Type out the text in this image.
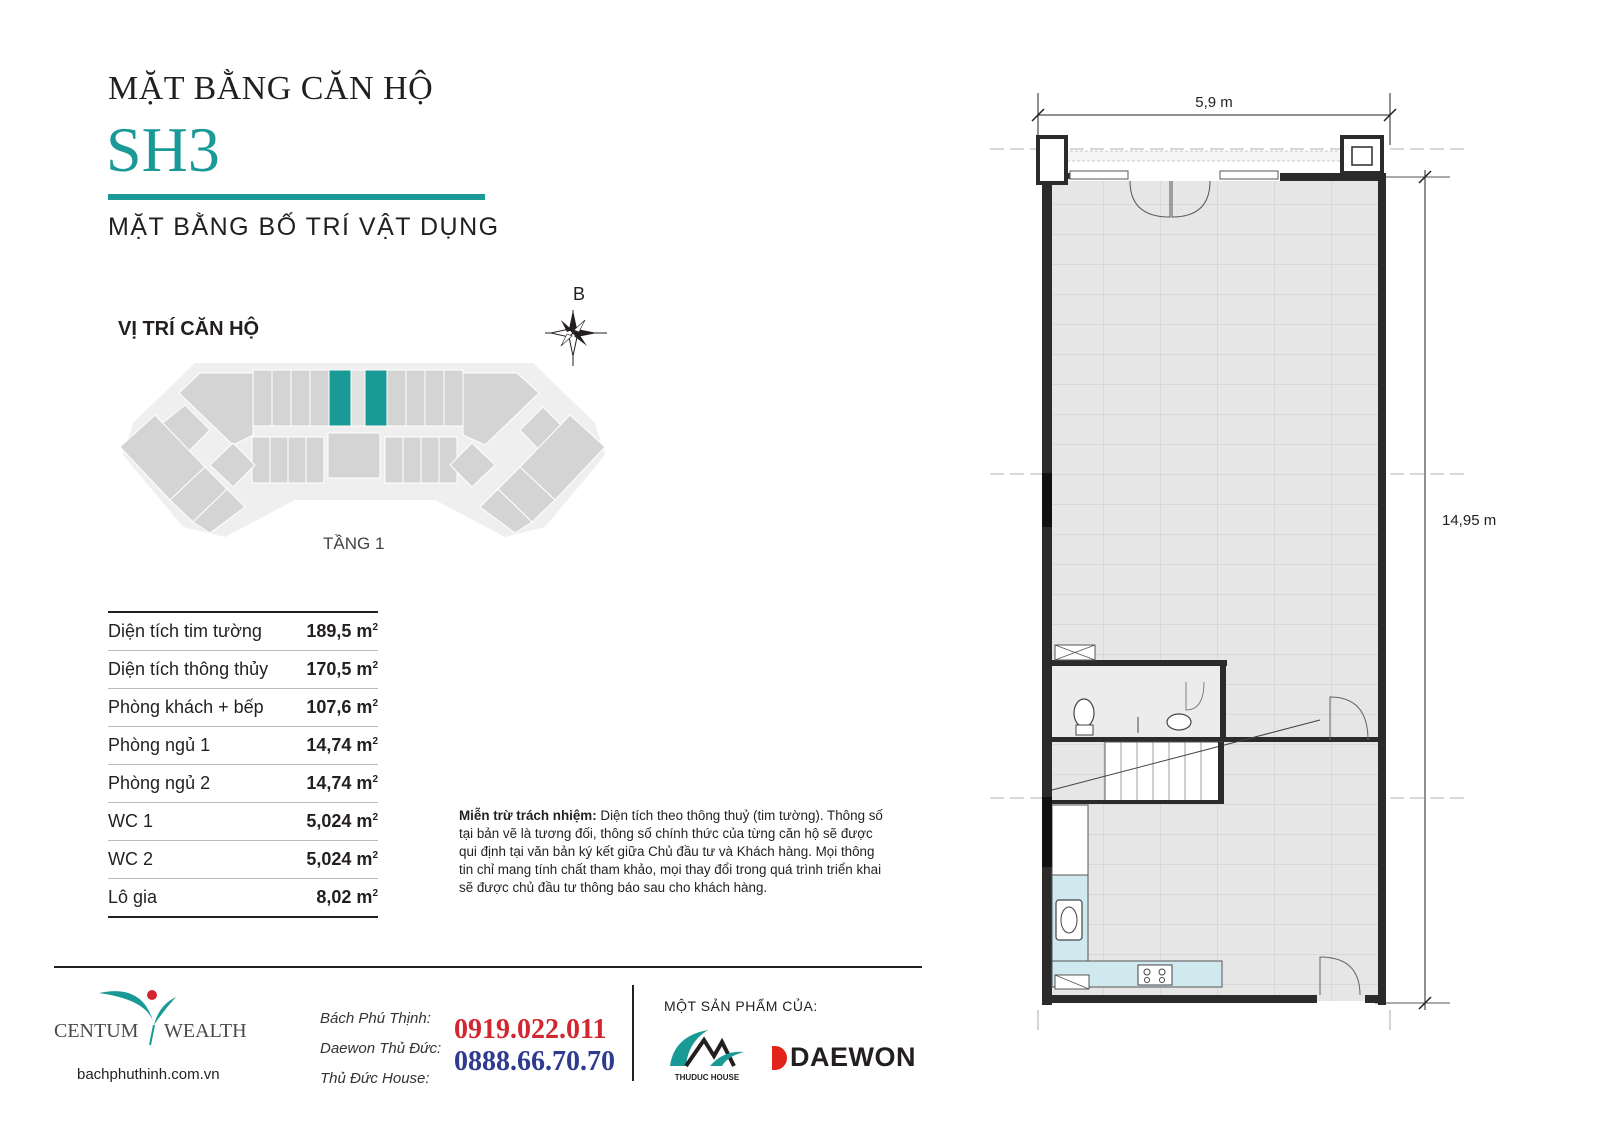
MẶT BẰNG CĂN HỘ
SH3
MẶT BẰNG BỐ TRÍ VẬT DỤNG
VỊ TRÍ CĂN HỘ
B
TẦNG 1
Diện tích tim tường	189,5 $m^2$
Diện tích thông thủy	170,5 $m^2$
Phòng khách + bếp	107,6 $m^2$
Phòng ngủ 1	14,74 $m^2$
Phòng ngủ 2	14,74 $m^2$
WC 1	5,024 $m^2$
WC 2	5,024 $m^2$
Lô gia	8,02 $m^2$
Miễn trừ trách nhiệm: Diện tích theo thông thuỷ (tim tường). Thông số tại bản vẽ là tương đối, thông số chính thức của từng căn hộ sẽ được qui định tại văn bản ký kết giữa Chủ đầu tư và Khách hàng. Mọi thông tin chỉ mang tính chất tham khảo, mọi thay đổi trong quá trình triển khai sẽ được chủ đầu tư thông báo sau cho khách hàng.
5,9 m
14,95 m
CENTUM WEALTH
bachphuthinh.com.vn
Bách Phú Thịnh: 0919.022.011
Daewon Thủ Đức:
Thủ Đức House:
0888.66.70.70
MỘT SẢN PHẨM CỦA:
THUDUC HOUSE
DAEWON
